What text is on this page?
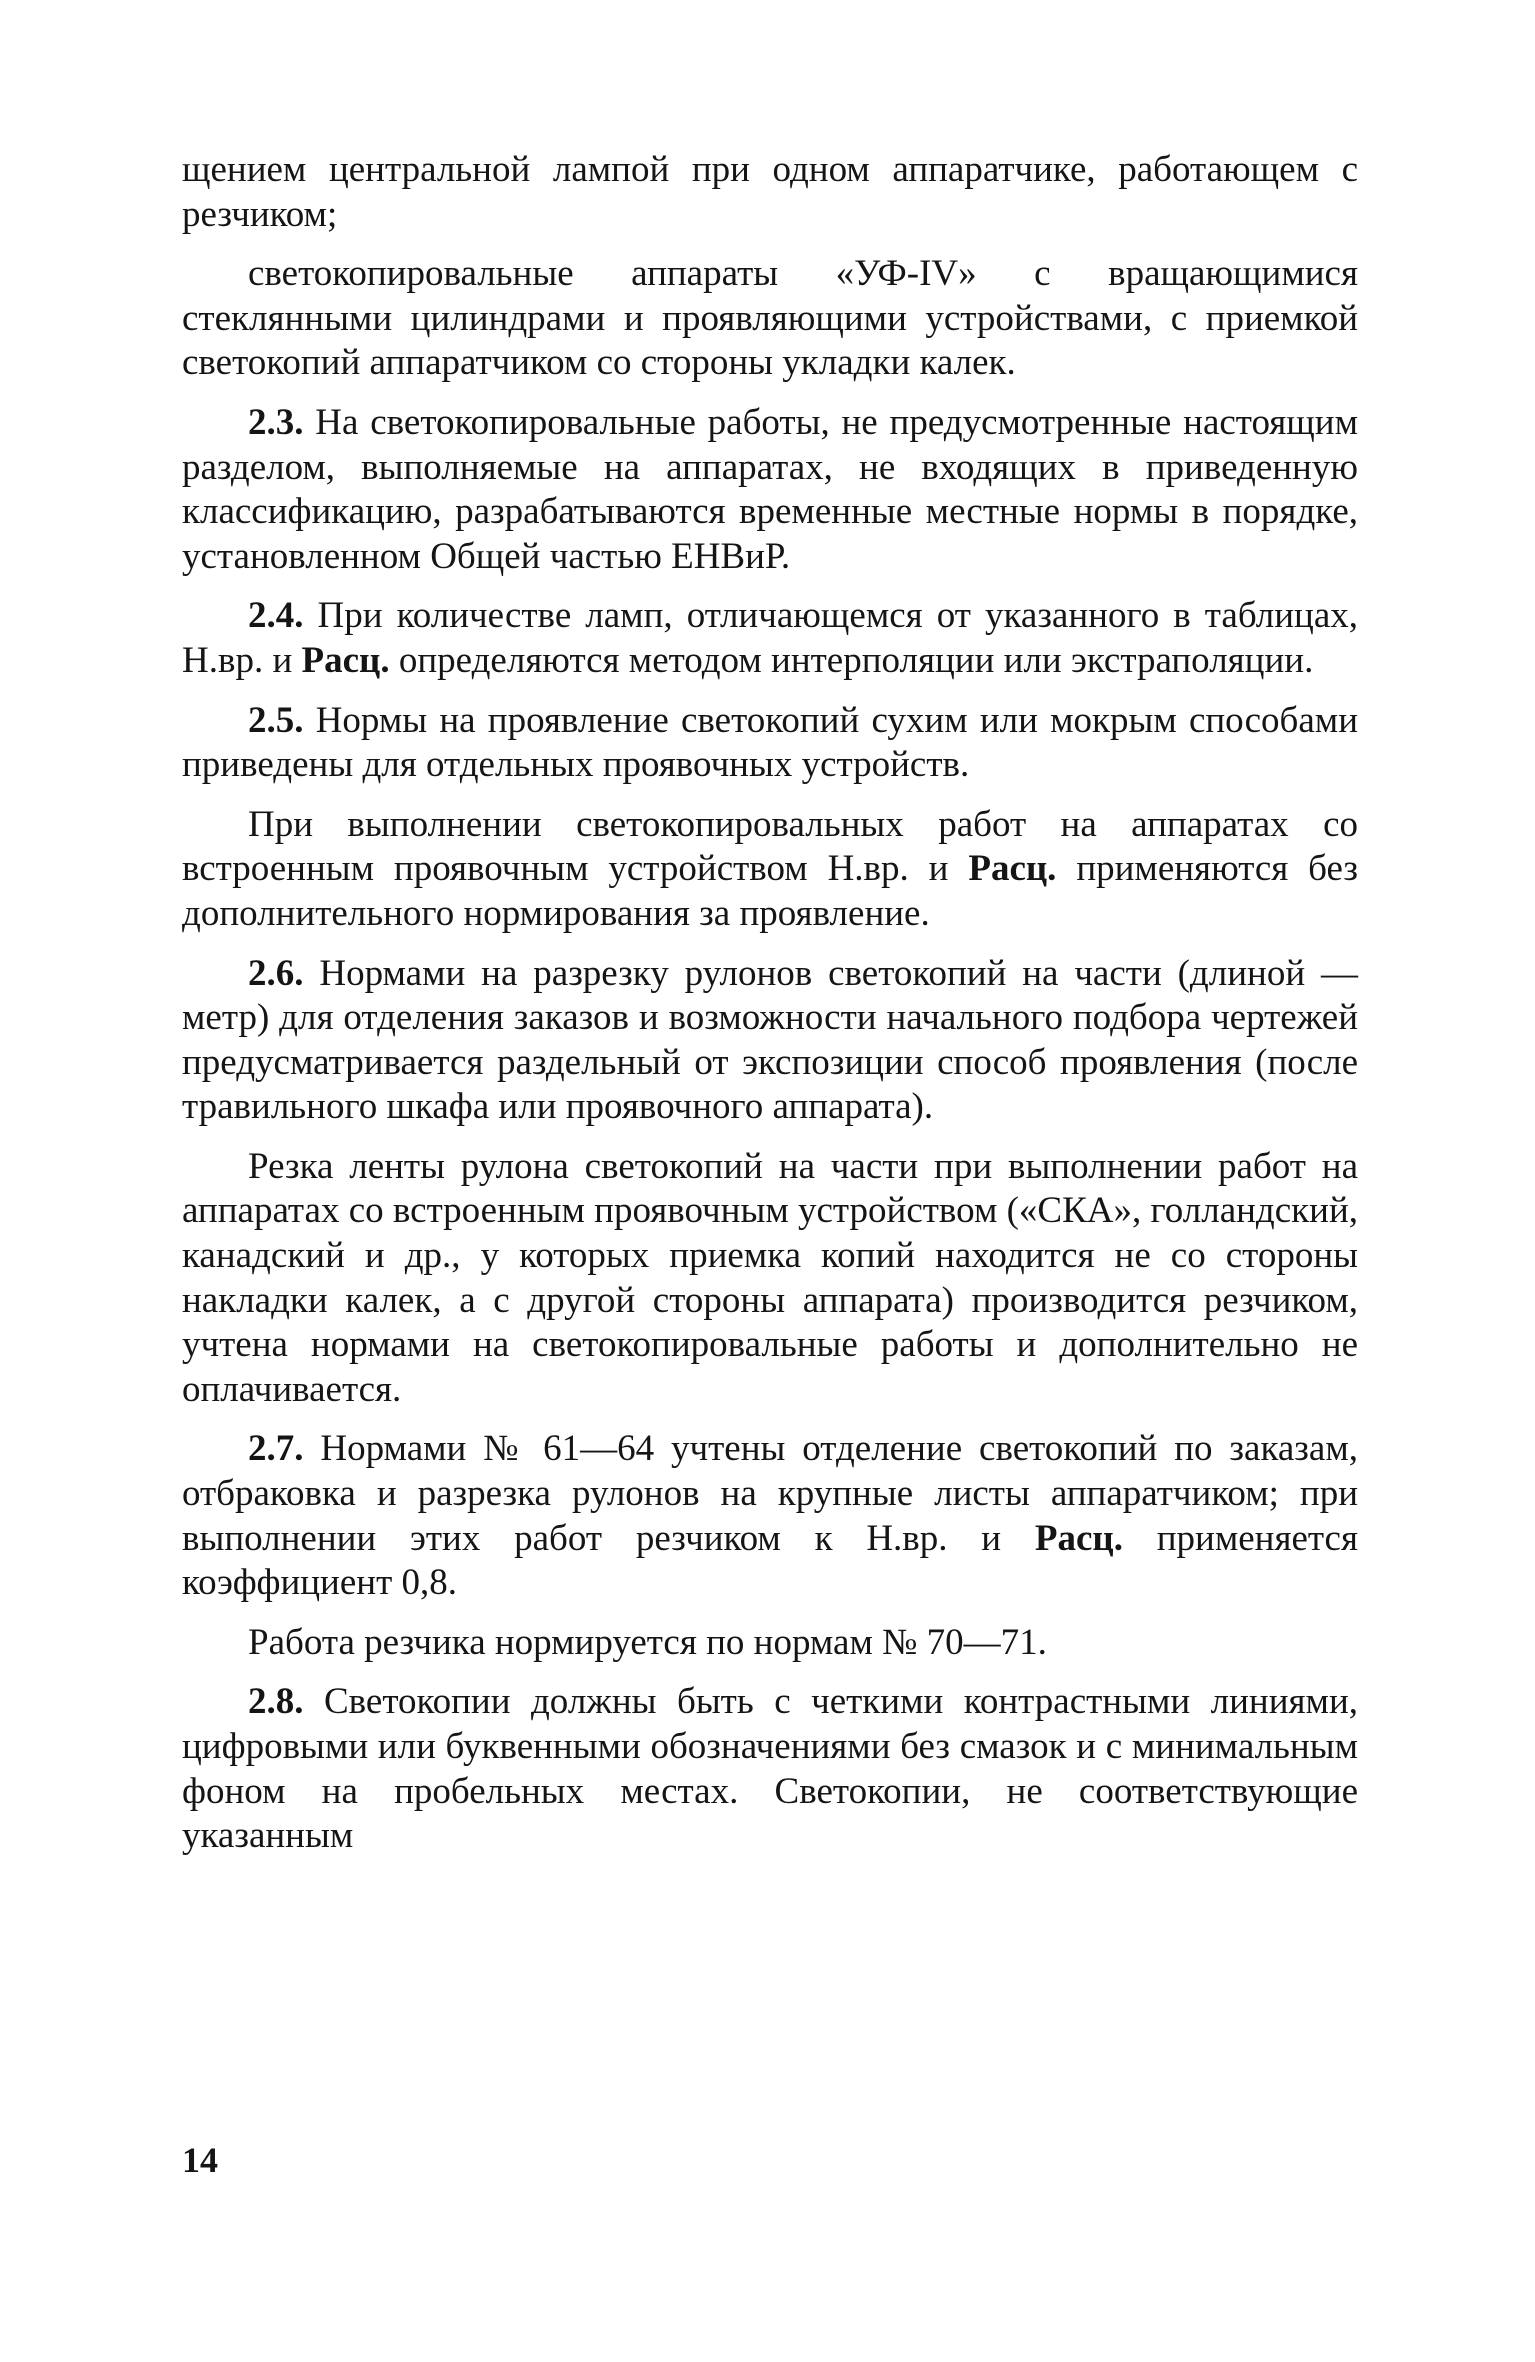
щением центральной лампой при одном аппаратчике, работающем с резчиком;

светокопировальные аппараты «УФ-IV» с вращающимися стеклянными цилиндрами и проявляющими устройствами, с приемкой светокопий аппаратчиком со стороны укладки калек.

2.3. На светокопировальные работы, не предусмотренные настоящим разделом, выполняемые на аппаратах, не входящих в приведенную классификацию, разрабатываются временные местные нормы в порядке, установленном Общей частью ЕНВиР.

2.4. При количестве ламп, отличающемся от указанного в таблицах, Н.вр. и Расц. определяются методом интерполяции или экстраполяции.

2.5. Нормы на проявление светокопий сухим или мокрым способами приведены для отдельных проявочных устройств.

При выполнении светокопировальных работ на аппаратах со встроенным проявочным устройством Н.вр. и Расц. применяются без дополнительного нормирования за проявление.

2.6. Нормами на разрезку рулонов светокопий на части (длиной — метр) для отделения заказов и возможности начального подбора чертежей предусматривается раздельный от экспозиции способ проявления (после травильного шкафа или проявочного аппарата).

Резка ленты рулона светокопий на части при выполнении работ на аппаратах со встроенным проявочным устройством («СКА», голландский, канадский и др., у которых приемка копий находится не со стороны накладки калек, а с другой стороны аппарата) производится резчиком, учтена нормами на светокопировальные работы и дополнительно не оплачивается.

2.7. Нормами № 61—64 учтены отделение светокопий по заказам, отбраковка и разрезка рулонов на крупные листы аппаратчиком; при выполнении этих работ резчиком к Н.вр. и Расц. применяется коэффициент 0,8.

Работа резчика нормируется по нормам № 70—71.

2.8. Светокопии должны быть с четкими контрастными линиями, цифровыми или буквенными обозначениями без смазок и с минимальным фоном на пробельных местах. Светокопии, не соответствующие указанным

14
